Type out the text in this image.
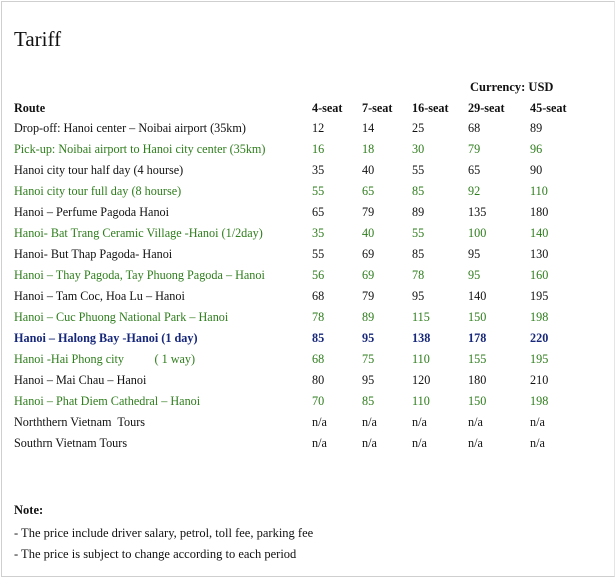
Tariff
Currency: USD
Route	4-seat	7-seat	16-seat	29-seat	45-seat
Drop-off: Hanoi center – Noibai airport (35km)	12	14	25	68	89
Pick-up: Noibai airport to Hanoi city center (35km)	16	18	30	79	96
Hanoi city tour half day (4 hourse)	35	40	55	65	90
Hanoi city tour full day (8 hourse)	55	65	85	92	110
Hanoi – Perfume Pagoda Hanoi	65	79	89	135	180
Hanoi- Bat Trang Ceramic Village -Hanoi (1/2day)	35	40	55	100	140
Hanoi- But Thap Pagoda- Hanoi	55	69	85	95	130
Hanoi – Thay Pagoda, Tay Phuong Pagoda – Hanoi	56	69	78	95	160
Hanoi – Tam Coc, Hoa Lu – Hanoi	68	79	95	140	195
Hanoi – Cuc Phuong National Park – Hanoi	78	89	115	150	198
Hanoi – Halong Bay -Hanoi (1 day)	85	95	138	178	220
Hanoi -Hai Phong city          ( 1 way)	68	75	110	155	195
Hanoi – Mai Chau – Hanoi	80	95	120	180	210
Hanoi – Phat Diem Cathedral – Hanoi	70	85	110	150	198
Norththern Vietnam  Tours	n/a	n/a	n/a	n/a	n/a
Southrn Vietnam Tours	n/a	n/a	n/a	n/a	n/a
Note:
- The price include driver salary, petrol, toll fee, parking fee
- The price is subject to change according to each period
